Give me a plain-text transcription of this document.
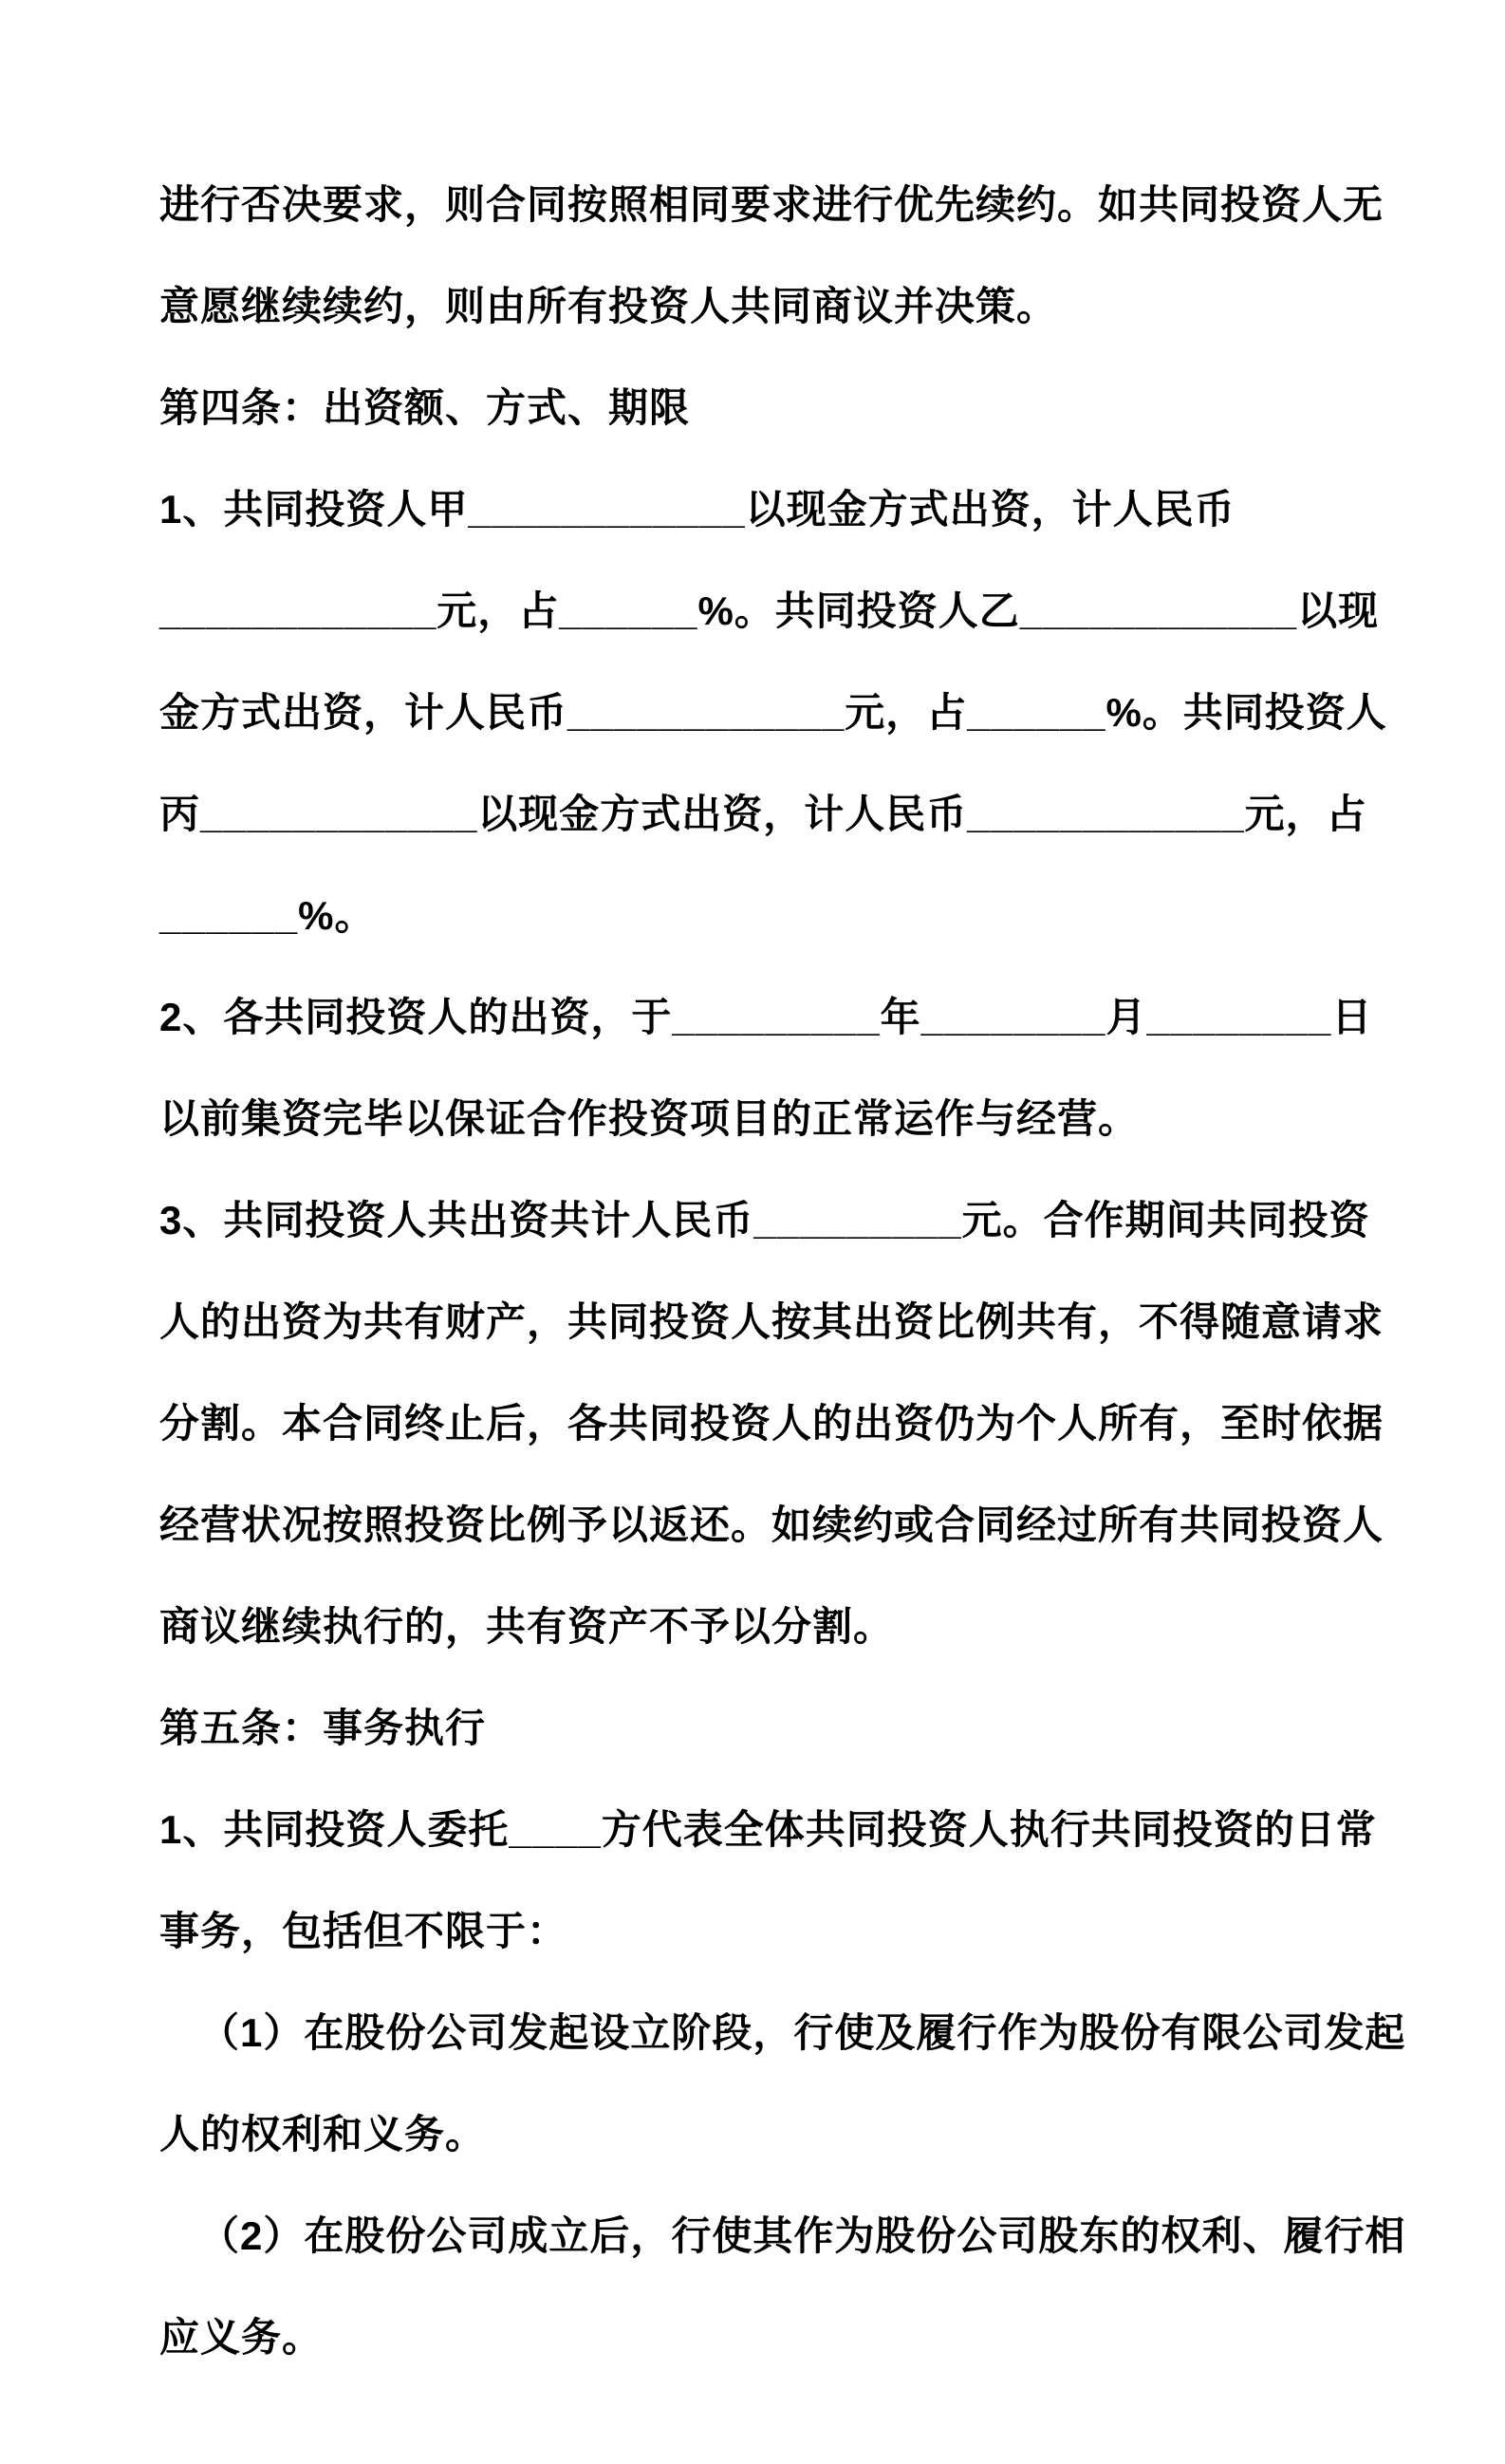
进行否决要求，则合同按照相同要求进行优先续约。如共同投资人无

意愿继续续约，则由所有投资人共同商议并决策。

第四条：出资额、方式、期限

1、共同投资人甲____________以现金方式出资，计人民币

____________元，占______%。共同投资人乙____________以现

金方式出资，计人民币____________元，占______%。共同投资人

丙____________以现金方式出资，计人民币____________元，占

______%。

2、各共同投资人的出资，于_________年________月________日

以前集资完毕以保证合作投资项目的正常运作与经营。

3、共同投资人共出资共计人民币_________元。合作期间共同投资

人的出资为共有财产，共同投资人按其出资比例共有，不得随意请求

分割。本合同终止后，各共同投资人的出资仍为个人所有，至时依据

经营状况按照投资比例予以返还。如续约或合同经过所有共同投资人

商议继续执行的，共有资产不予以分割。

第五条：事务执行

1、共同投资人委托____方代表全体共同投资人执行共同投资的日常

事务，包括但不限于：

（1）在股份公司发起设立阶段，行使及履行作为股份有限公司发起

人的权利和义务。

（2）在股份公司成立后，行使其作为股份公司股东的权利、履行相

应义务。
